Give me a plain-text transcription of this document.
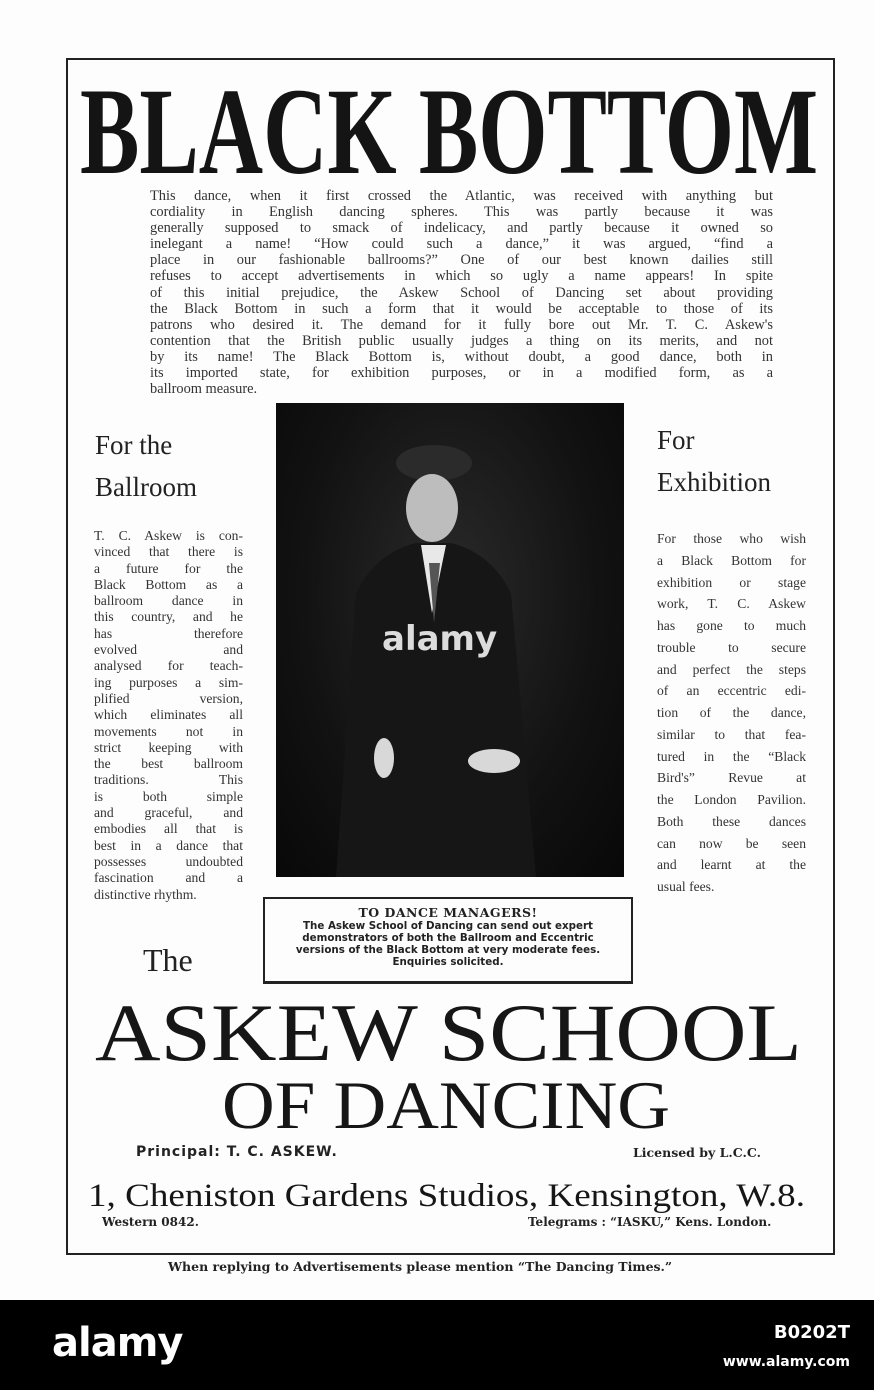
BLACK BOTTOM
This dance, when it first crossed the Atlantic, was received with anything but
cordiality in English dancing spheres. This was partly because it was
generally supposed to smack of indelicacy, and partly because it owned so
inelegant a name! “How could such a dance,” it was argued, “find a
place in our fashionable ballrooms?” One of our best known dailies still
refuses to accept advertisements in which so ugly a name appears! In spite
of this initial prejudice, the Askew School of Dancing set about providing
the Black Bottom in such a form that it would be acceptable to those of its
patrons who desired it. The demand for it fully bore out Mr. T. C. Askew's
contention that the British public usually judges a thing on its merits, and not
by its name! The Black Bottom is, without doubt, a good dance, both in
its imported state, for exhibition purposes, or in a modified form, as a
ballroom measure.
For the
Ballroom
For
Exhibition
T. C. Askew is con-
vinced that there is
a future for the
Black Bottom as a
ballroom dance in
this country, and he
has therefore
evolved and
analysed for teach-
ing purposes a sim-
plified version,
which eliminates all
movements not in
strict keeping with
the best ballroom
traditions. This
is both simple
and graceful, and
embodies all that is
best in a dance that
possesses undoubted
fascination and a
distinctive rhythm.
For those who wish
a Black Bottom for
exhibition or stage
work, T. C. Askew
has gone to much
trouble to secure
and perfect the steps
of an eccentric edi-
tion of the dance,
similar to that fea-
tured in the “Black
Bird's” Revue at
the London Pavilion.
Both these dances
can now be seen
and learnt at the
usual fees.
alamy
TO DANCE MANAGERS!
The Askew School of Dancing can send out expert
demonstrators of both the Ballroom and Eccentric
versions of the Black Bottom at very moderate fees.
Enquiries solicited.
The
ASKEW SCHOOL
OF DANCING
Principal: T. C. ASKEW.	Licensed by L.C.C.
1, Cheniston Gardens Studios, Kensington, W.8.
Western 0842.	Telegrams : “IASKU,” Kens. London.
When replying to Advertisements please mention “The Dancing Times.”
alamy	B0202T
www.alamy.com
